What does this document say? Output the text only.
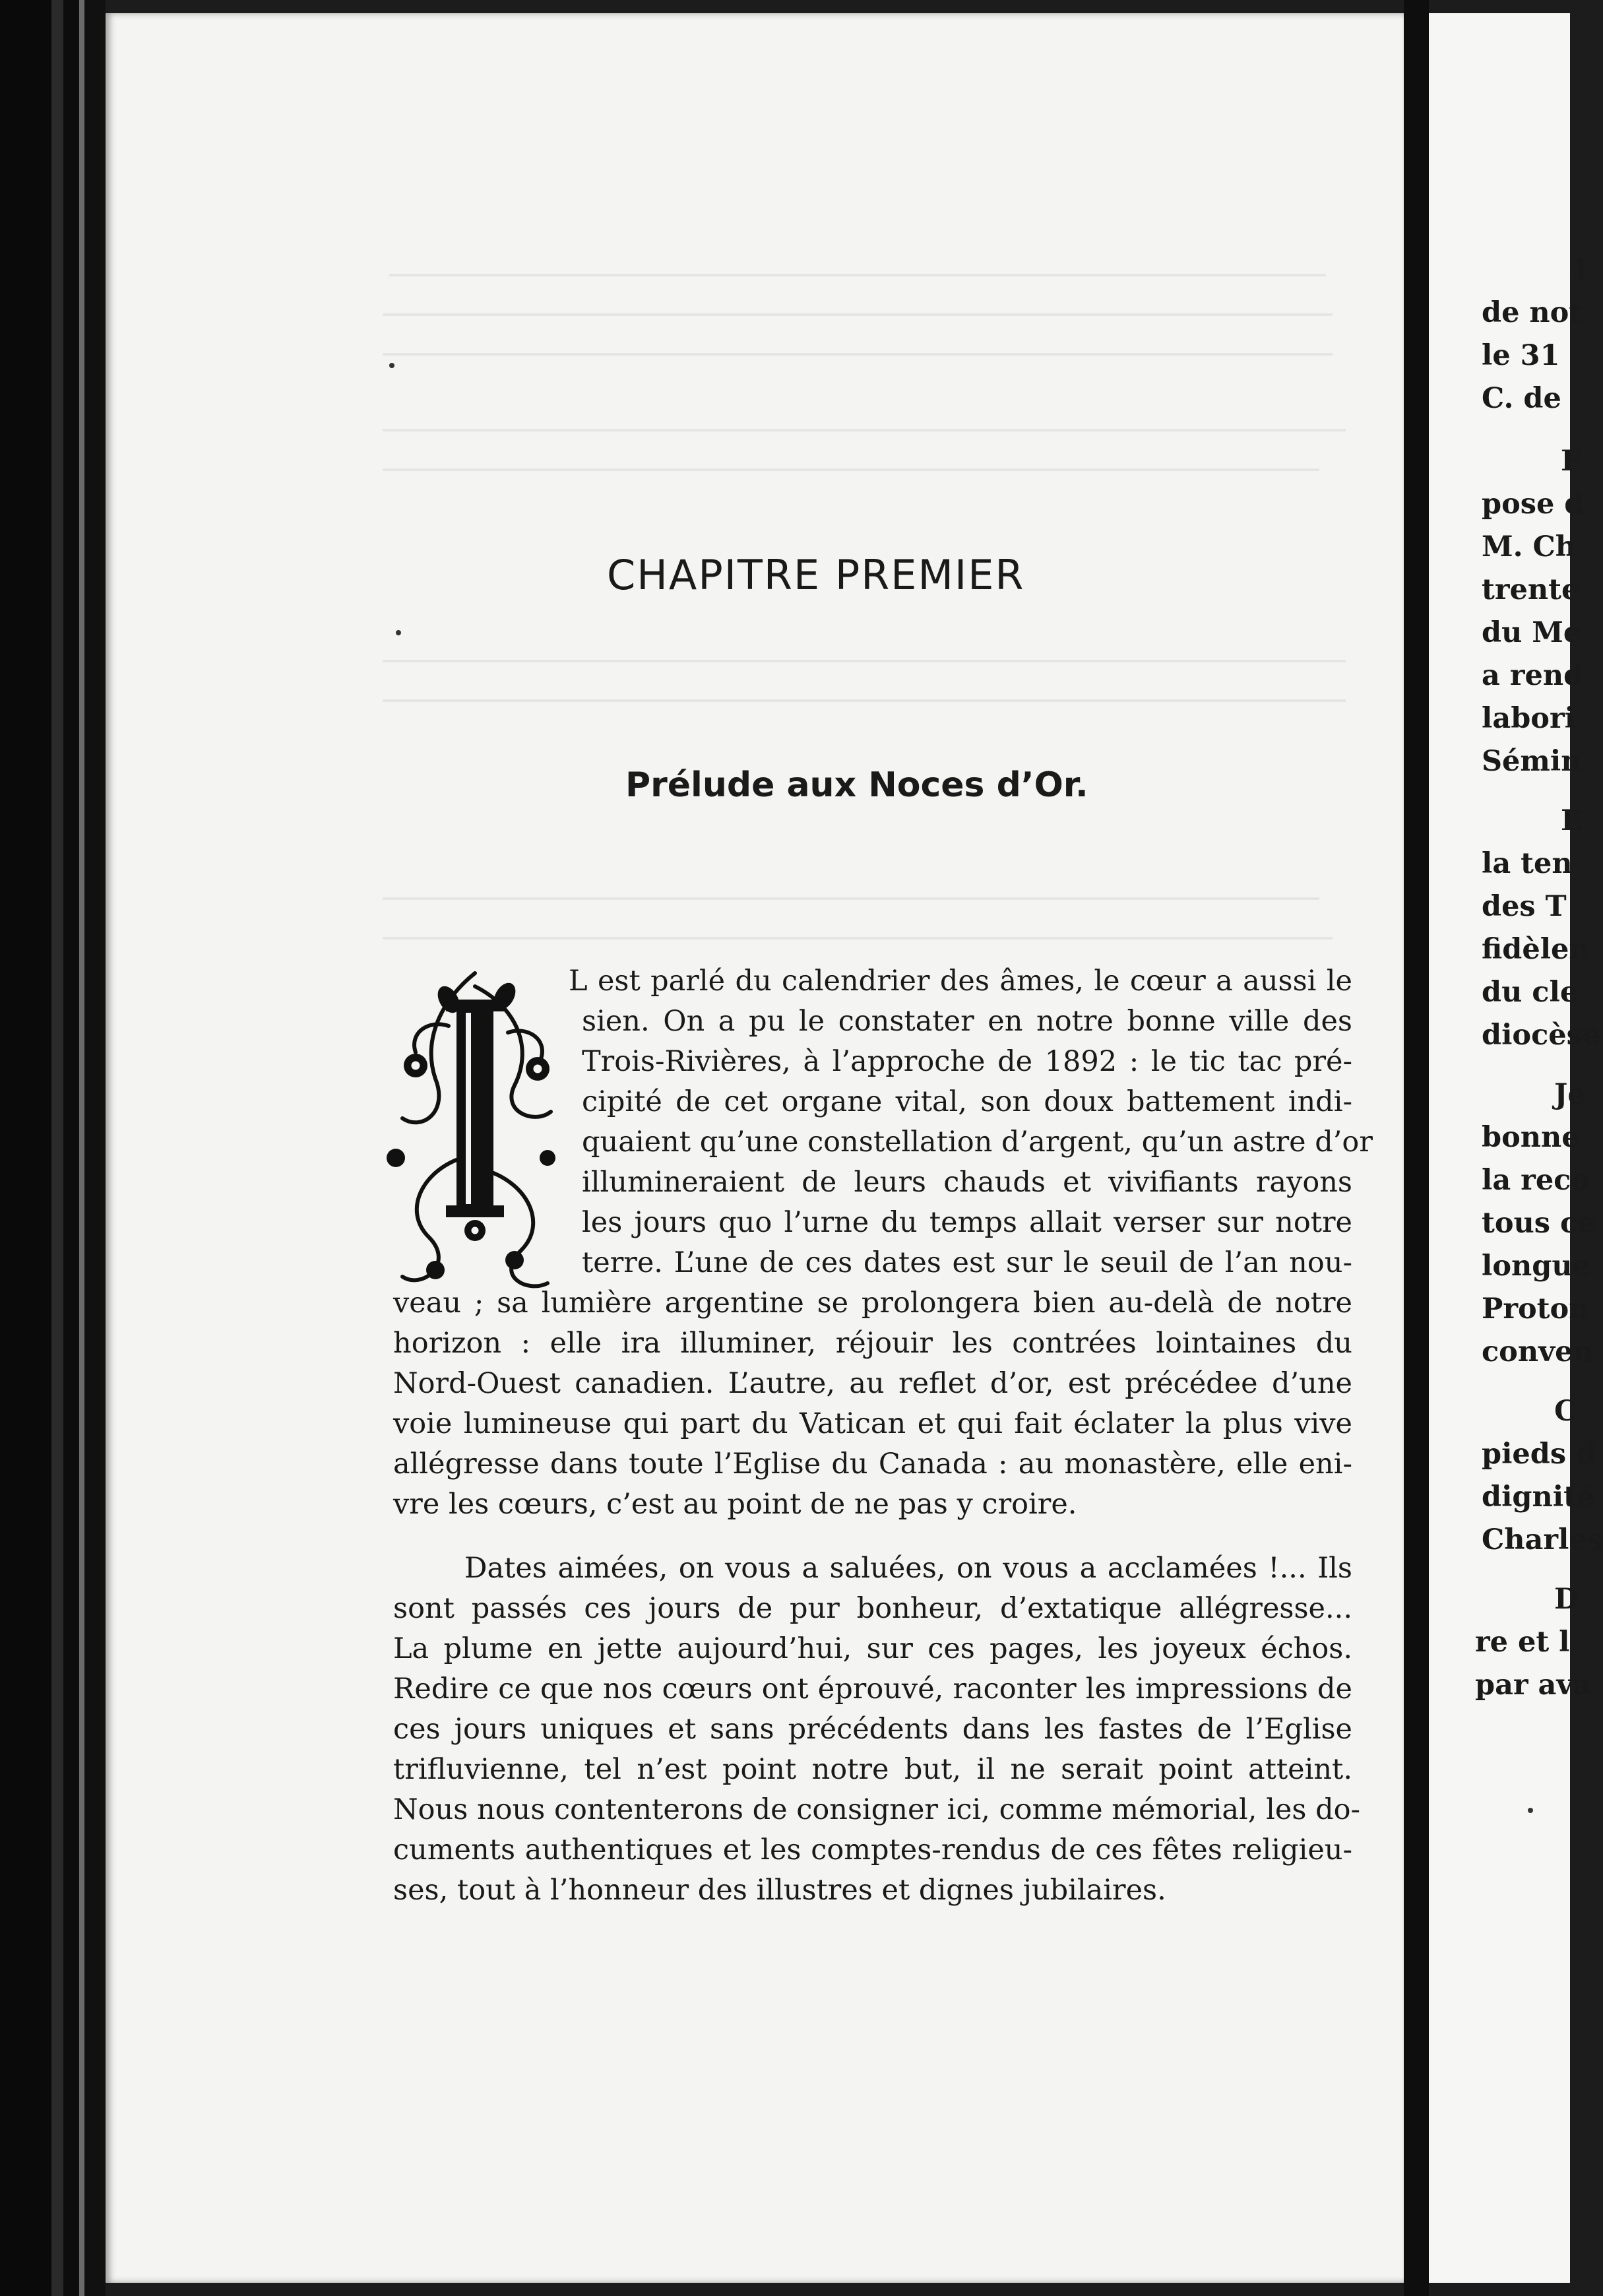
CHAPITRE PREMIER
Prélude aux Noces d’Or.
L est parlé du calendrier des âmes, le cœur a aussi le
sien. On a pu le constater en notre bonne ville des
Trois-Rivières, à l’approche de 1892 : le tic tac pré-
cipité de cet organe vital, son doux battement indi-
quaient qu’une constellation d’argent, qu’un astre d’or
illumineraient de leurs chauds et vivifiants rayons
les jours quo l’urne du temps allait verser sur notre
terre. L’une de ces dates est sur le seuil de l’an nou-
veau ; sa lumière argentine se prolongera bien au-delà de notre
horizon : elle ira illuminer, réjouir les contrées lointaines du
Nord-Ouest canadien. L’autre, au reflet d’or, est précédee d’une
voie lumineuse qui part du Vatican et qui fait éclater la plus vive
allégresse dans toute l’Eglise du Canada : au monastère, elle eni-
vre les cœurs, c’est au point de ne pas y croire.
Dates aimées, on vous a saluées, on vous a acclamées !... Ils
sont passés ces jours de pur bonheur, d’extatique allégresse...
La plume en jette aujourd’hui, sur ces pages, les joyeux échos.
Redire ce que nos cœurs ont éprouvé, raconter les impressions de
ces jours uniques et sans précédents dans les fastes de l’Eglise
trifluvienne, tel n’est point notre but, il ne serait point atteint.
Nous nous contenterons de consigner ici, comme mémorial, les do-
cuments authentiques et les comptes-rendus de ces fêtes religieu-
ses, tout à l’honneur des illustres et dignes jubilaires.
I
de not
le 31
C. de
F
pose d
M. Ch
trente
du Me
a rend
labori
Sémin
E
la ten
des T
fidèlen
du cle
diocèse
Je
bonne
la reco
tous ce
longue
Proton
conven
C
pieds d
dignité
Charles
D
re et l
par ava
